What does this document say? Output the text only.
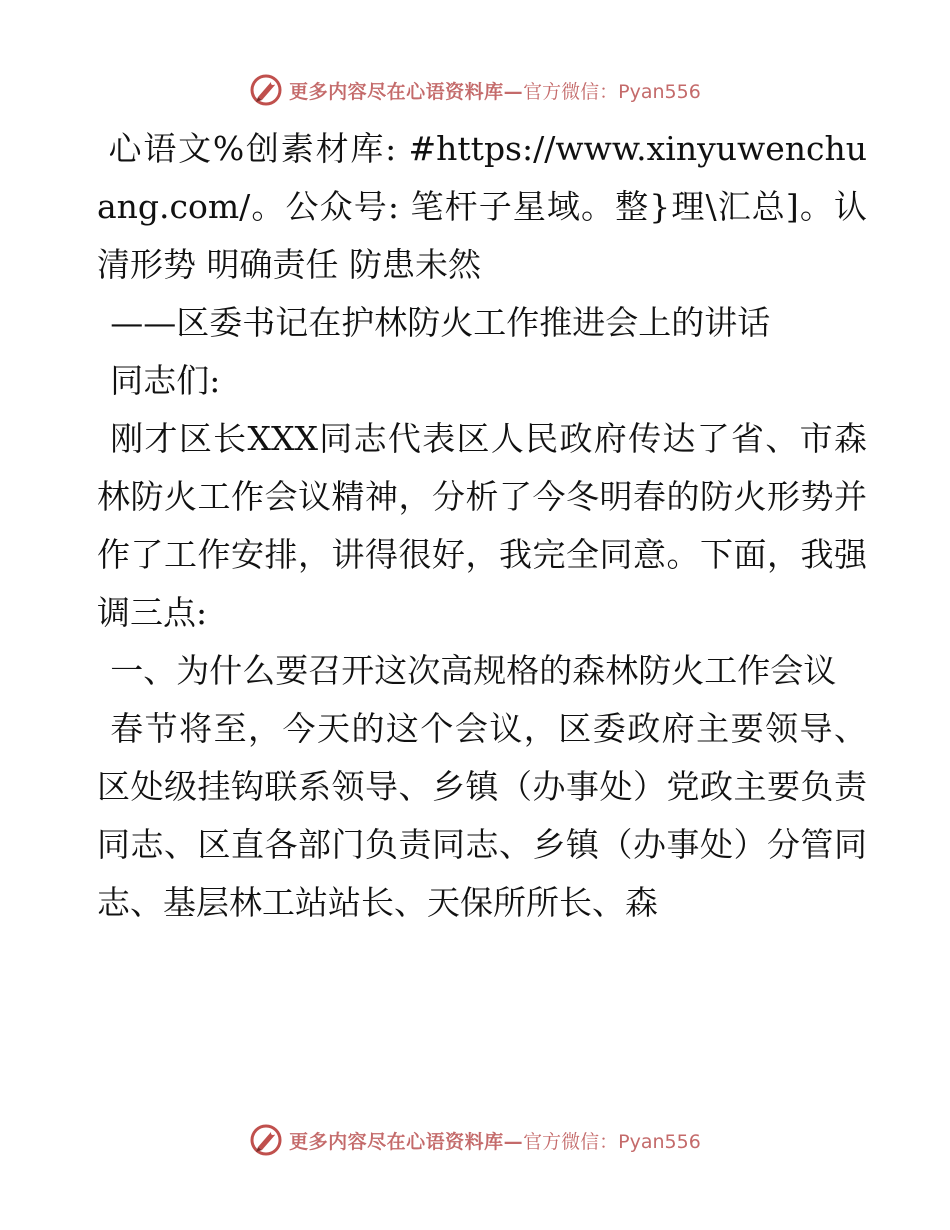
更多内容尽在心语资料库— 官方微信：Pyan556

心语文%创素材库: #https://www.xinyuwenchuang.com/。公众号: 笔杆子星域。整}理\汇总]。认清形势 明确责任 防患未然

——区委书记在护林防火工作推进会上的讲话

同志们:

刚才区长XXX同志代表区人民政府传达了省、市森林防火工作会议精神，分析了今冬明春的防火形势并作了工作安排，讲得很好，我完全同意。下面，我强调三点:

一、为什么要召开这次高规格的森林防火工作会议

春节将至，今天的这个会议，区委政府主要领导、区处级挂钩联系领导、乡镇（办事处）党政主要负责同志、区直各部门负责同志、乡镇（办事处）分管同志、基层林工站站长、天保所所长、森

更多内容尽在心语资料库— 官方微信：Pyan556
